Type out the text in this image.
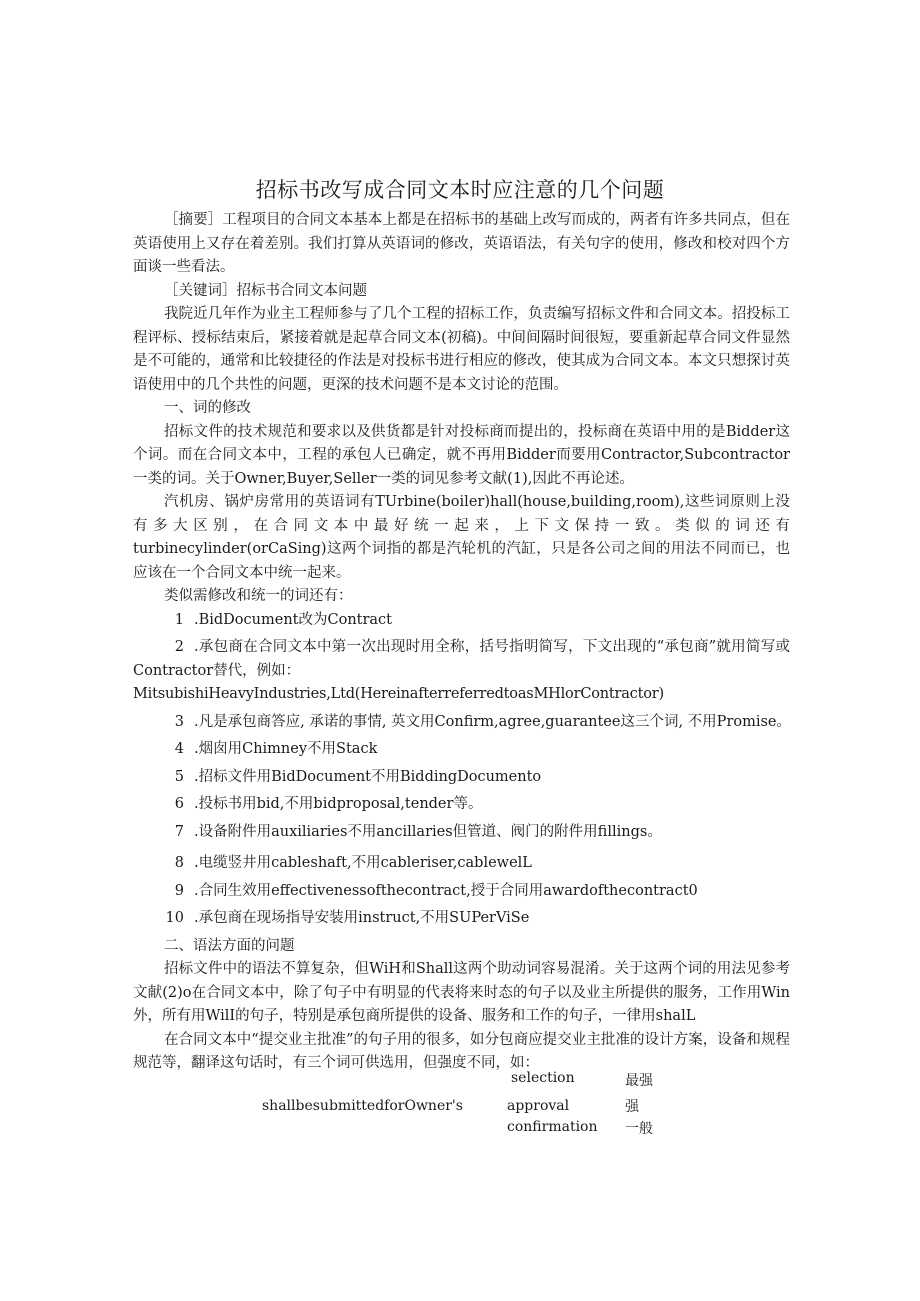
招标书改写成合同文本时应注意的几个问题

［摘要］工程项目的合同文本基本上都是在招标书的基础上改写而成的，两者有许多共同点，但在英语使用上又存在着差别。我们打算从英语词的修改，英语语法，有关句字的使用，修改和校对四个方面谈一些看法。

［关键词］招标书合同文本问题

我院近几年作为业主工程师参与了几个工程的招标工作，负责编写招标文件和合同文本。招投标工程评标、授标结束后，紧接着就是起草合同文本(初稿)。中间间隔时间很短，要重新起草合同文件显然是不可能的，通常和比较捷径的作法是对投标书进行相应的修改，使其成为合同文本。本文只想探讨英语使用中的几个共性的问题，更深的技术问题不是本文讨论的范围。

一、词的修改

招标文件的技术规范和要求以及供货都是针对投标商而提出的，投标商在英语中用的是Bidder这个词。而在合同文本中，工程的承包人已确定，就不再用Bidder而要用Contractor,Subcontractor一类的词。关于Owner,Buyer,Seller一类的词见参考文献(1),因此不再论述。

汽机房、锅炉房常用的英语词有TUrbine(boiler)hall(house,building,room),这些词原则上没有多大区别，在合同文本中最好统一起来，上下文保持一致。类似的词还有turbinecylinder(orCaSing)这两个词指的都是汽轮机的汽缸，只是各公司之间的用法不同而已，也应该在一个合同文本中统一起来。

类似需修改和统一的词还有：

1 .BidDocument改为Contract

2 .承包商在合同文本中第一次出现时用全称，括号指明简写，下文出现的“承包商”就用简写或Contractor替代，例如：

MitsubishiHeavyIndustries,Ltd(HereinafterreferredtoasMHlorContractor)

3 .凡是承包商答应, 承诺的事情, 英文用Confirm,agree,guarantee这三个词, 不用Promise。

4 .烟囱用Chimney不用Stack

5 .招标文件用BidDocument不用BiddingDocumento

6 .投标书用bid,不用bidproposal,tender等。

7 .设备附件用auxiliaries不用ancillaries但管道、阀门的附件用fillings。

8 .电缆竖井用cableshaft,不用cableriser,cablewelL

9 .合同生效用effectivenessofthecontract,授于合同用awardofthecontract0

10 .承包商在现场指导安装用instruct,不用SUPerViSe

二、语法方面的问题

招标文件中的语法不算复杂，但WiH和Shall这两个助动词容易混淆。关于这两个词的用法见参考文献(2)o在合同文本中，除了句子中有明显的代表将来时态的句子以及业主所提供的服务，工作用Win外，所有用WilI的句子，特别是承包商所提供的设备、服务和工作的句子，一律用shalL

在合同文本中“提交业主批准”的句子用的很多，如分包商应提交业主批准的设计方案，设备和规程规范等，翻译这句话时，有三个词可供选用，但强度不同，如：

shallbesubmittedforOwner's
selection	最强
approval	强
confirmation 一般
